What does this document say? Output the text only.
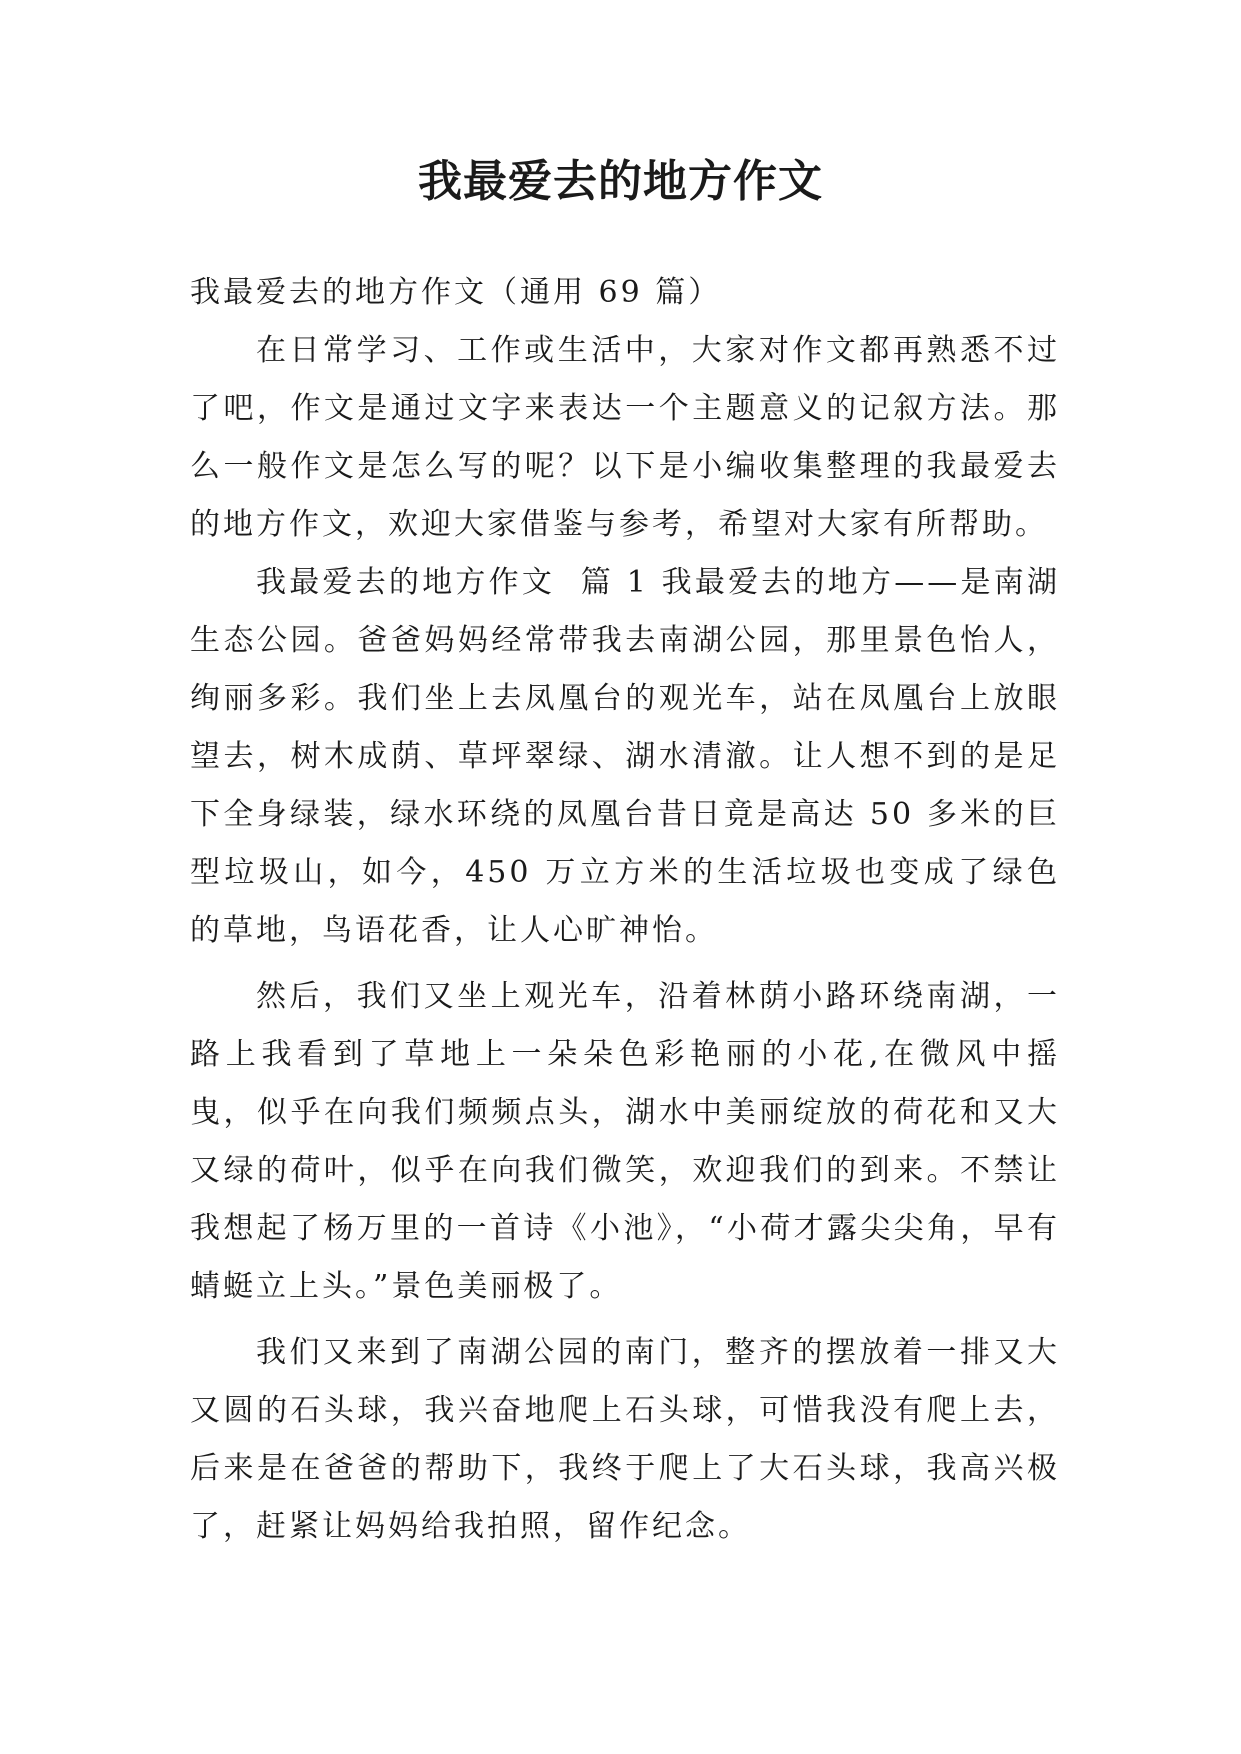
我最爱去的地方作文

我最爱去的地方作文（通用 69 篇）

在日常学习、工作或生活中，大家对作文都再熟悉不过了吧，作文是通过文字来表达一个主题意义的记叙方法。那么一般作文是怎么写的呢？以下是小编收集整理的我最爱去的地方作文，欢迎大家借鉴与参考，希望对大家有所帮助。

我最爱去的地方作文  篇 1 我最爱去的地方——是南湖生态公园。爸爸妈妈经常带我去南湖公园，那里景色怡人，绚丽多彩。我们坐上去凤凰台的观光车，站在凤凰台上放眼望去，树木成荫、草坪翠绿、湖水清澈。让人想不到的是足下全身绿装，绿水环绕的凤凰台昔日竟是高达 50 多米的巨型垃圾山，如今，450 万立方米的生活垃圾也变成了绿色的草地，鸟语花香，让人心旷神怡。

然后，我们又坐上观光车，沿着林荫小路环绕南湖，一路上我看到了草地上一朵朵色彩艳丽的小花,在微风中摇曳，似乎在向我们频频点头，湖水中美丽绽放的荷花和又大又绿的荷叶，似乎在向我们微笑，欢迎我们的到来。不禁让我想起了杨万里的一首诗《小池》，“小荷才露尖尖角，早有蜻蜓立上头。”景色美丽极了。

我们又来到了南湖公园的南门，整齐的摆放着一排又大又圆的石头球，我兴奋地爬上石头球，可惜我没有爬上去，后来是在爸爸的帮助下，我终于爬上了大石头球，我高兴极了，赶紧让妈妈给我拍照，留作纪念。
